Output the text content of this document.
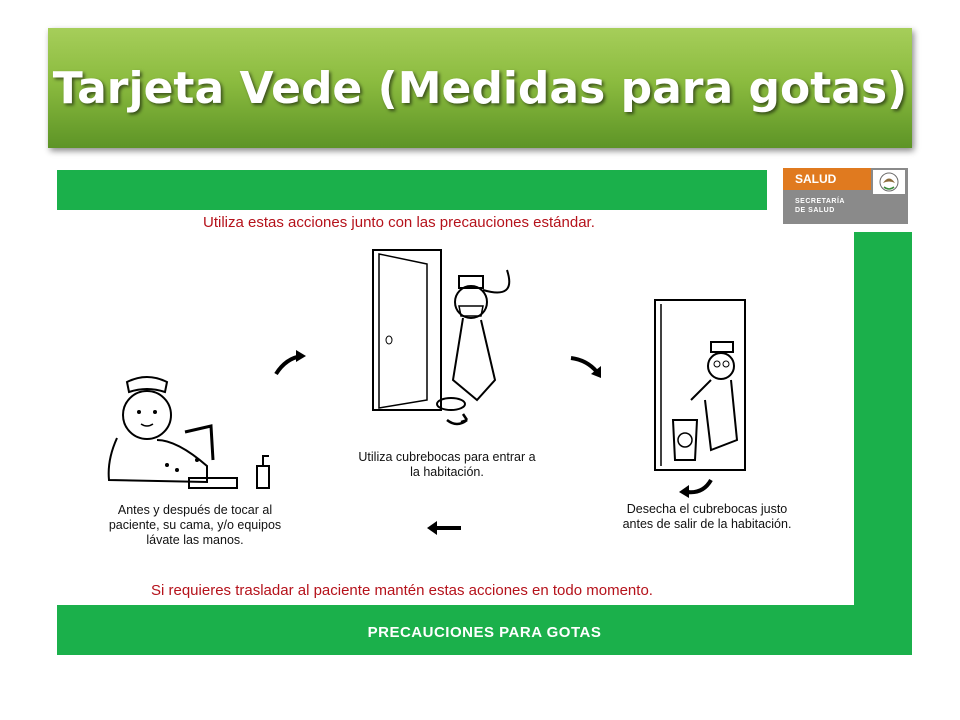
Tarjeta Vede (Medidas para gotas)
SALUD
SECRETARÍA
DE SALUD
Utiliza estas acciones junto con las precauciones estándar.
Antes y después de tocar al
paciente, su cama, y/o equipos
lávate las manos.
Utiliza cubrebocas para entrar a
la habitación.
Desecha el cubrebocas justo
antes de salir de la habitación.
Si requieres trasladar al paciente mantén estas acciones en todo momento.
PRECAUCIONES PARA GOTAS
